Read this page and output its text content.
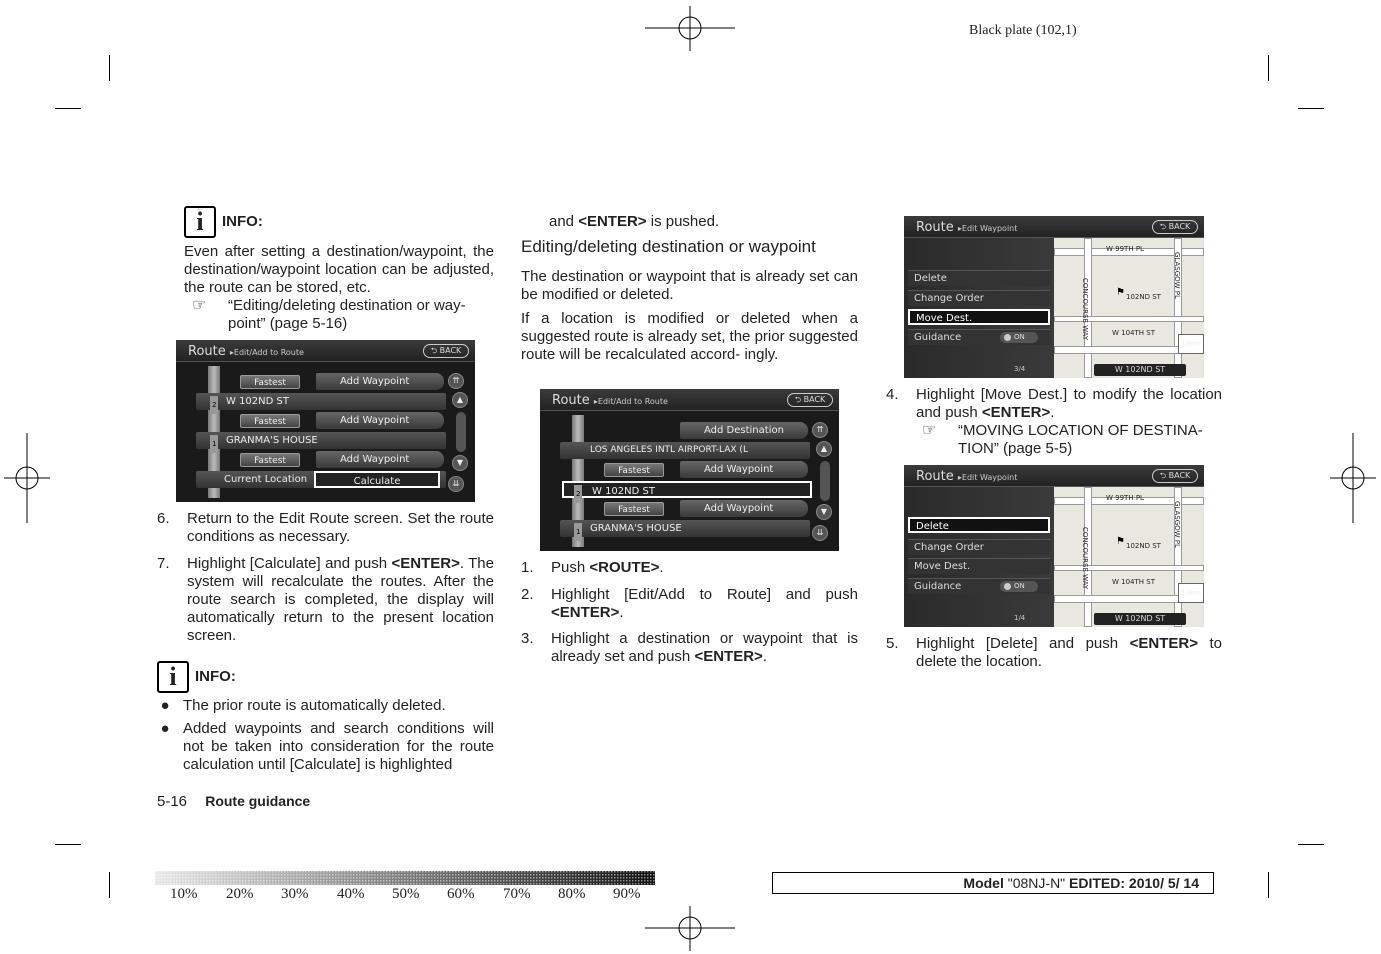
Black plate (102,1)
i	INFO:
Even after setting a destination/waypoint, the destination/waypoint location can be adjusted, the route can be stored, etc.
☞	“Editing/deleting destination or way- point” (page 5-16)
Route ▸Edit/Add to Route	⮌ BACK
Fastest	Add Waypoint
W 102ND ST
2
Fastest	Add Waypoint
GRANMA'S HOUSE
1
Fastest	Add Waypoint
Current Location	Calculate
⇈
▲
▼
⇊
6.	Return to the Edit Route screen. Set the route conditions as necessary.
7.	Highlight [Calculate] and push <ENTER>. The system will recalculate the routes. After the route search is completed, the display will automatically return to the present location screen.
i	INFO:
● The prior route is automatically deleted.
● Added waypoints and search conditions will not be taken into consideration for the route calculation until [Calculate] is highlighted
5-16 Route guidance
and <ENTER> is pushed.
Editing/deleting destination or waypoint
The destination or waypoint that is already set can be modified or deleted.
If a location is modified or deleted when a suggested route is already set, the prior suggested route will be recalculated accord- ingly.
Route ▸Edit/Add to Route	⮌ BACK
Add Destination
LOS ANGELES INTL AIRPORT-LAX (L
Fastest	Add Waypoint
W 102ND ST
2
Fastest	Add Waypoint
GRANMA'S HOUSE
1
⇈
▲
▼
⇊
1.	Push <ROUTE>.
2.	Highlight [Edit/Add to Route] and push <ENTER>.
3.	Highlight a destination or waypoint that is already set and push <ENTER>.
Route ▸Edit Waypoint	⮌ BACK
W 99TH PL
CONCOURSE WAY
GLASGOW PL
102ND ST
W 104TH ST
⚑
1/8mi
Delete
Change Order
Move Dest.
Guidance	ON
3/4	W 102ND ST
4.	Highlight [Move Dest.] to modify the location and push <ENTER>.
☞	“MOVING LOCATION OF DESTINA- TION” (page 5-5)
Route ▸Edit Waypoint	⮌ BACK
W 99TH PL
CONCOURSE WAY
GLASGOW PL
102ND ST
W 104TH ST
⚑
1/8mi
Delete
Change Order
Move Dest.
Guidance	ON
1/4	W 102ND ST
5.	Highlight [Delete] and push <ENTER> to delete the location.
10% 20% 30% 40% 50% 60% 70% 80% 90%
Model "08NJ-N" EDITED: 2010/ 5/ 14
